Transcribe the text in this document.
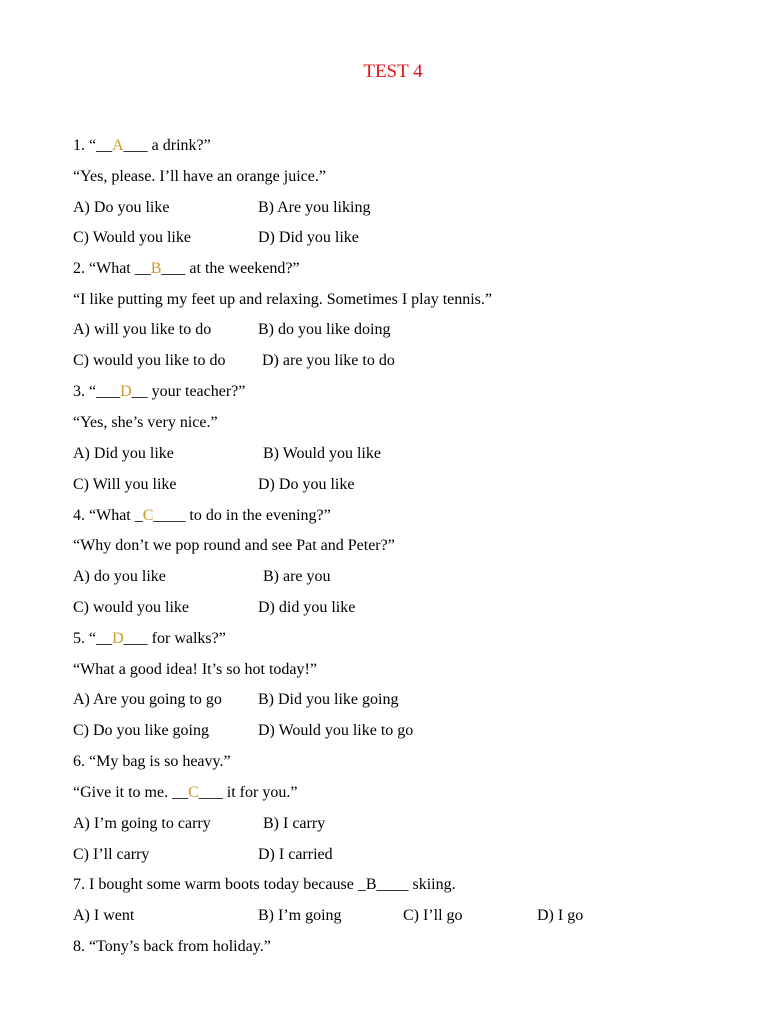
TEST 4
1. “__A___ a drink?”
“Yes, please. I’ll have an orange juice.”
A) Do you like	B) Are you liking
C) Would you like	D) Did you like
2. “What __B___ at the weekend?”
“I like putting my feet up and relaxing. Sometimes I play tennis.”
A) will you like to do	B) do you like doing
C) would you like to do D) are you like to do
3. “___D__ your teacher?”
“Yes, she’s very nice.”
A) Did you like	B) Would you like
C) Will you like	D) Do you like
4. “What _C____ to do in the evening?”
“Why don’t we pop round and see Pat and Peter?”
A) do you like	B) are you
C) would you like	D) did you like
5. “__D___ for walks?”
“What a good idea! It’s so hot today!”
A) Are you going to go B) Did you like going
C) Do you like going	D) Would you like to go
6. “My bag is so heavy.”
“Give it to me. __C___ it for you.”
A) I’m going to carry	B) I carry
C) I’ll carry	D) I carried
7. I bought some warm boots today because _B____ skiing.
A) I went	B) I’m going	C) I’ll go	D) I go
8. “Tony’s back from holiday.”
